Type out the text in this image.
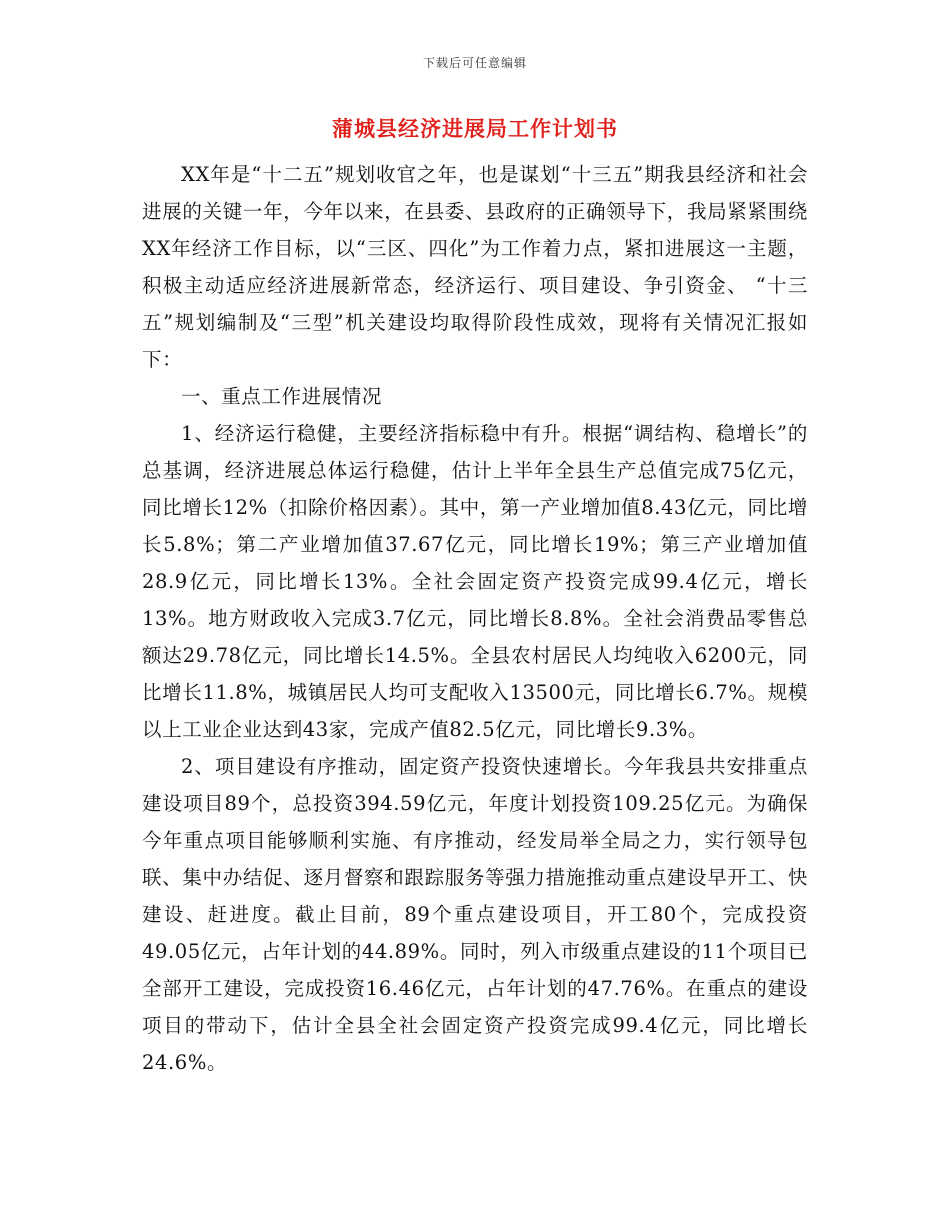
下载后可任意编辑
蒲城县经济进展局工作计划书

XX年是“十二五”规划收官之年，也是谋划“十三五”期我县经济和社会进展的关键一年，今年以来，在县委、县政府的正确领导下，我局紧紧围绕XX年经济工作目标，以“三区、四化”为工作着力点，紧扣进展这一主题，积极主动适应经济进展新常态，经济运行、项目建设、争引资金、 “十三五”规划编制及“三型”机关建设均取得阶段性成效，现将有关情况汇报如下：

一、重点工作进展情况

1、经济运行稳健，主要经济指标稳中有升。根据“调结构、稳增长”的总基调，经济进展总体运行稳健，估计上半年全县生产总值完成75亿元，同比增长12%（扣除价格因素）。其中，第一产业增加值8.43亿元，同比增长5.8%；第二产业增加值37.67亿元，同比增长19%；第三产业增加值28.9亿元，同比增长13%。全社会固定资产投资完成99.4亿元，增长13%。地方财政收入完成3.7亿元，同比增长8.8%。全社会消费品零售总额达29.78亿元，同比增长14.5%。全县农村居民人均纯收入6200元，同比增长11.8%，城镇居民人均可支配收入13500元，同比增长6.7%。规模以上工业企业达到43家，完成产值82.5亿元，同比增长9.3%。

2、项目建设有序推动，固定资产投资快速增长。今年我县共安排重点建设项目89个，总投资394.59亿元，年度计划投资109.25亿元。为确保今年重点项目能够顺利实施、有序推动，经发局举全局之力，实行领导包联、集中办结促、逐月督察和跟踪服务等强力措施推动重点建设早开工、快建设、赶进度。截止目前，89个重点建设项目，开工80个，完成投资49.05亿元，占年计划的44.89%。同时，列入市级重点建设的11个项目已全部开工建设，完成投资16.46亿元，占年计划的47.76%。在重点的建设项目的带动下，估计全县全社会固定资产投资完成99.4亿元，同比增长24.6%。
